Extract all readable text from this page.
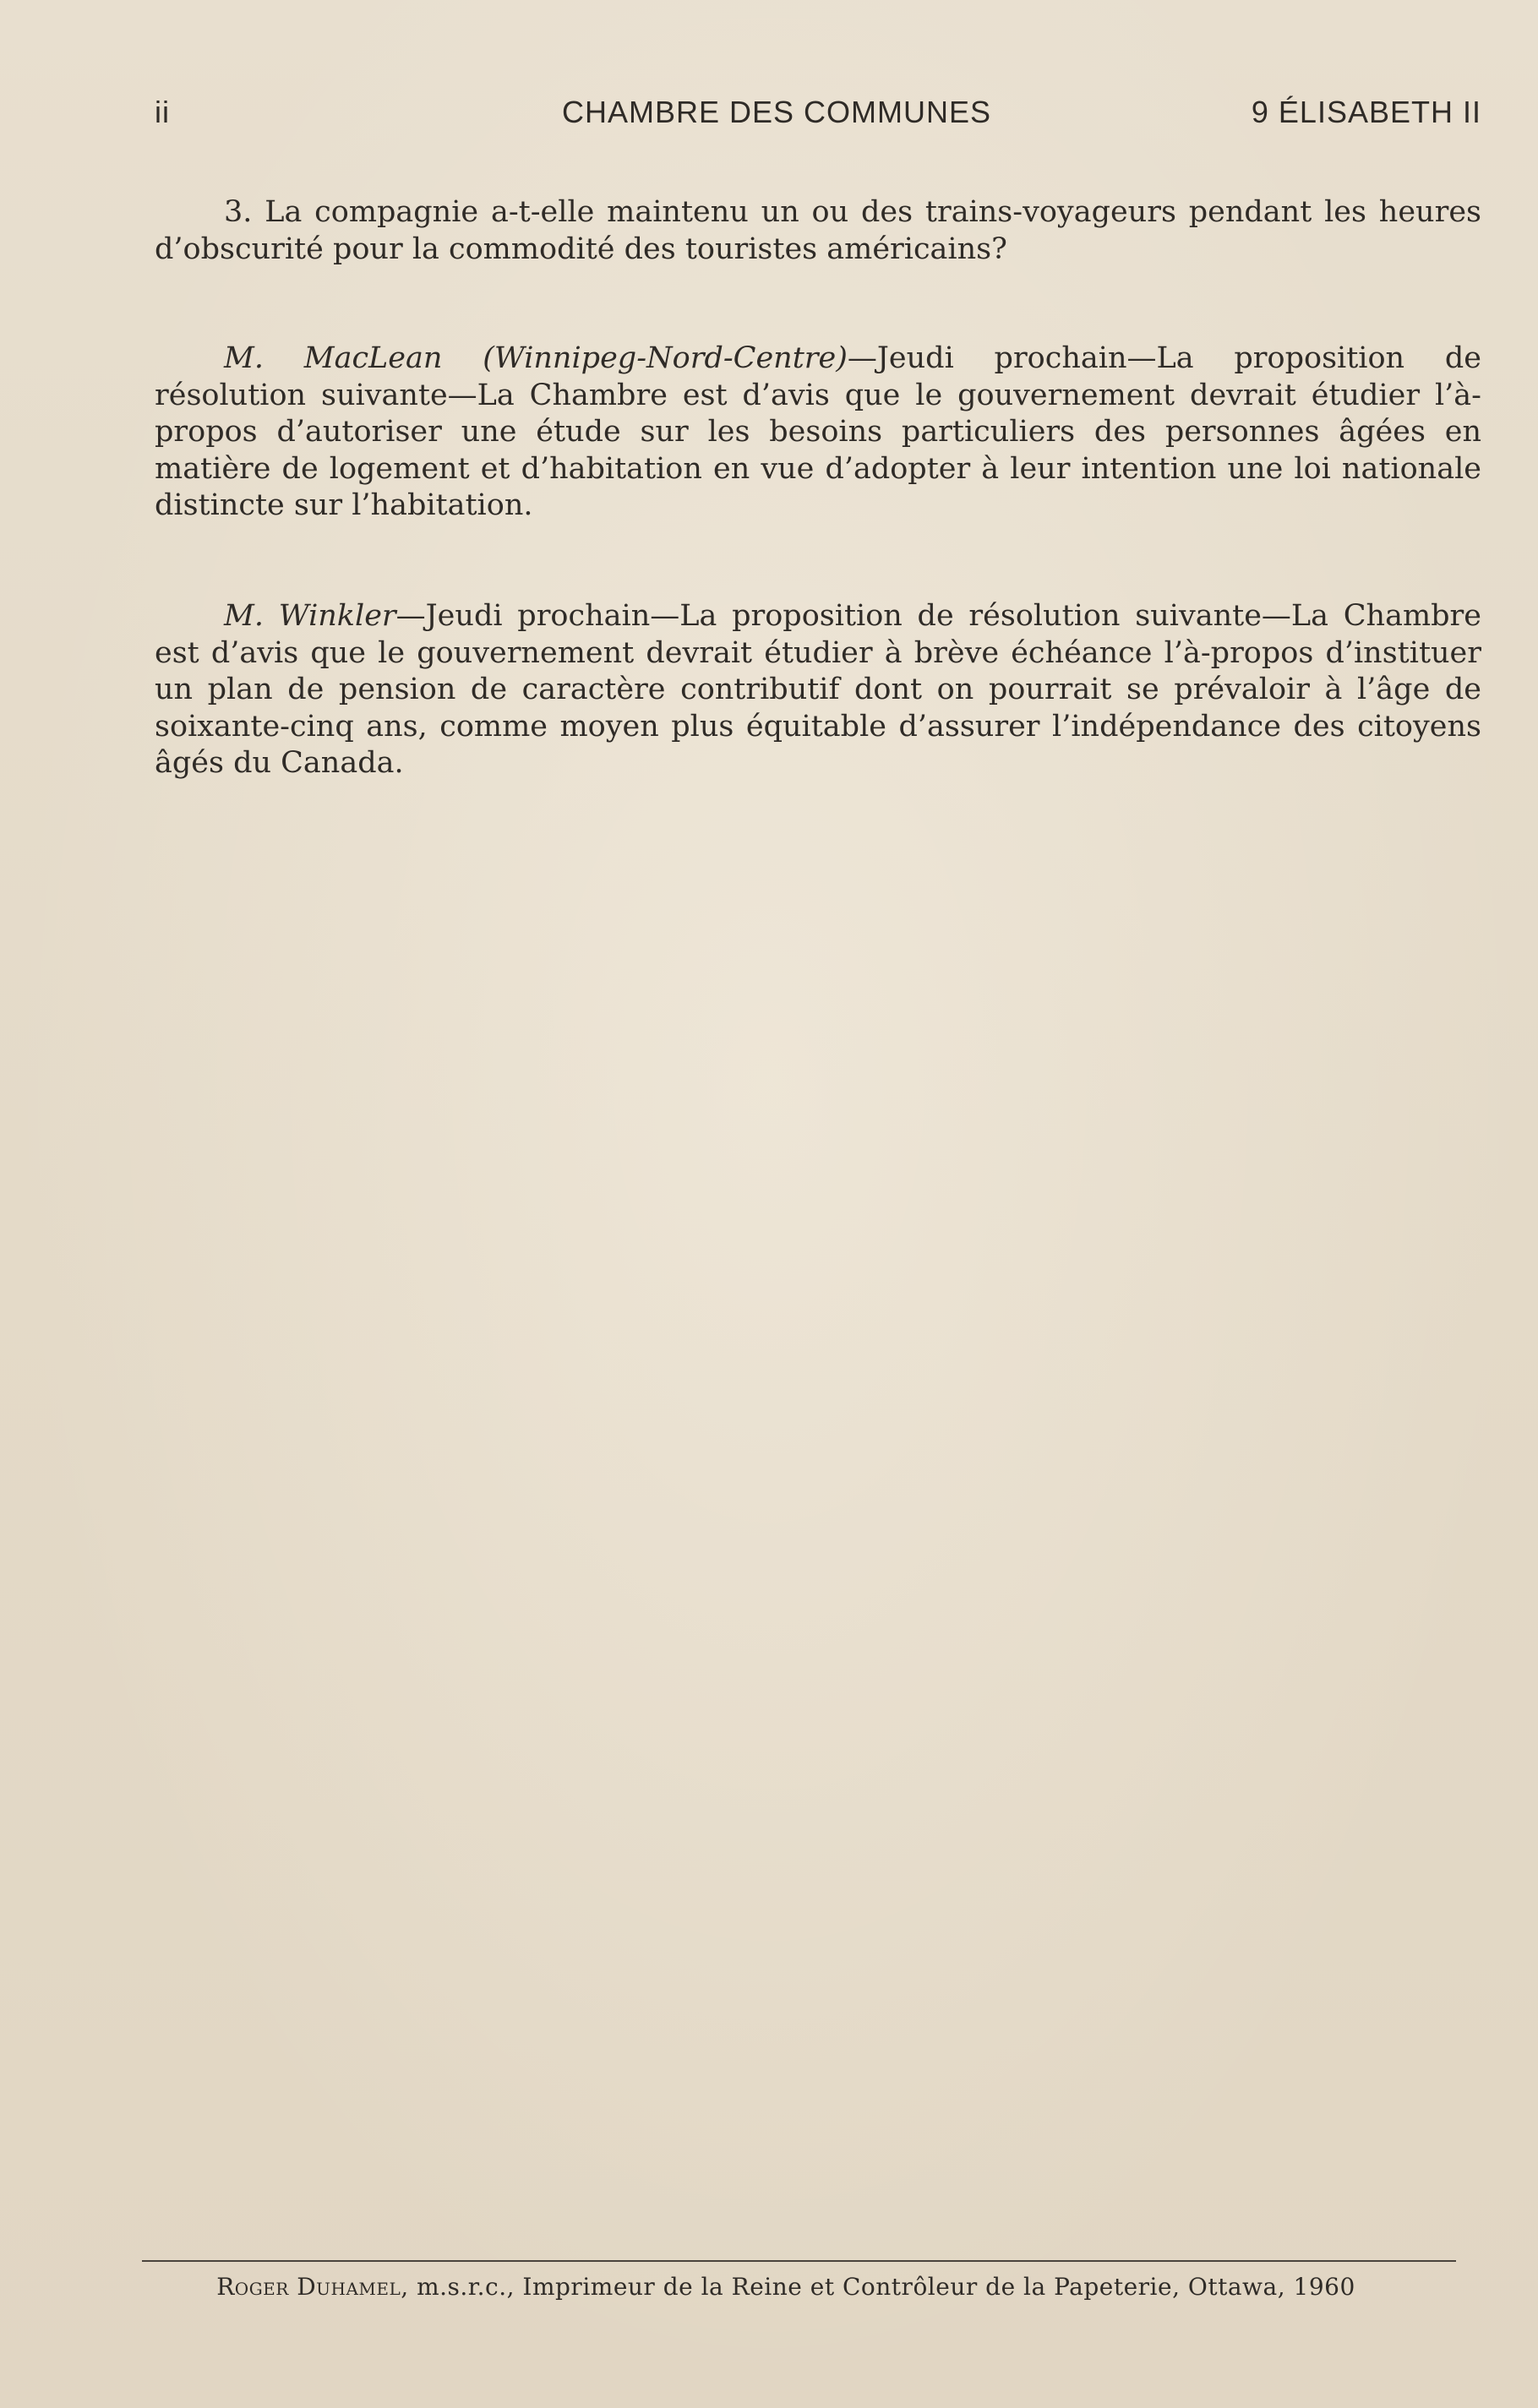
ii	CHAMBRE DES COMMUNES	9 ÉLISABETH II

3. La compagnie a-t-elle maintenu un ou des trains-voyageurs pendant les heures d’obscurité pour la commodité des touristes américains?

M. MacLean (Winnipeg-Nord-Centre)—Jeudi prochain—La proposition de résolution suivante—La Chambre est d’avis que le gouvernement devrait étudier l’à-propos d’autoriser une étude sur les besoins particuliers des personnes âgées en matière de logement et d’habitation en vue d’adopter à leur intention une loi nationale distincte sur l’habitation.

M. Winkler—Jeudi prochain—La proposition de résolution suivante—La Chambre est d’avis que le gouvernement devrait étudier à brève échéance l’à-propos d’instituer un plan de pension de caractère contributif dont on pourrait se prévaloir à l’âge de soixante-cinq ans, comme moyen plus équitable d’assurer l’indépendance des citoyens âgés du Canada.

Roger Duhamel, m.s.r.c., Imprimeur de la Reine et Contrôleur de la Papeterie, Ottawa, 1960
